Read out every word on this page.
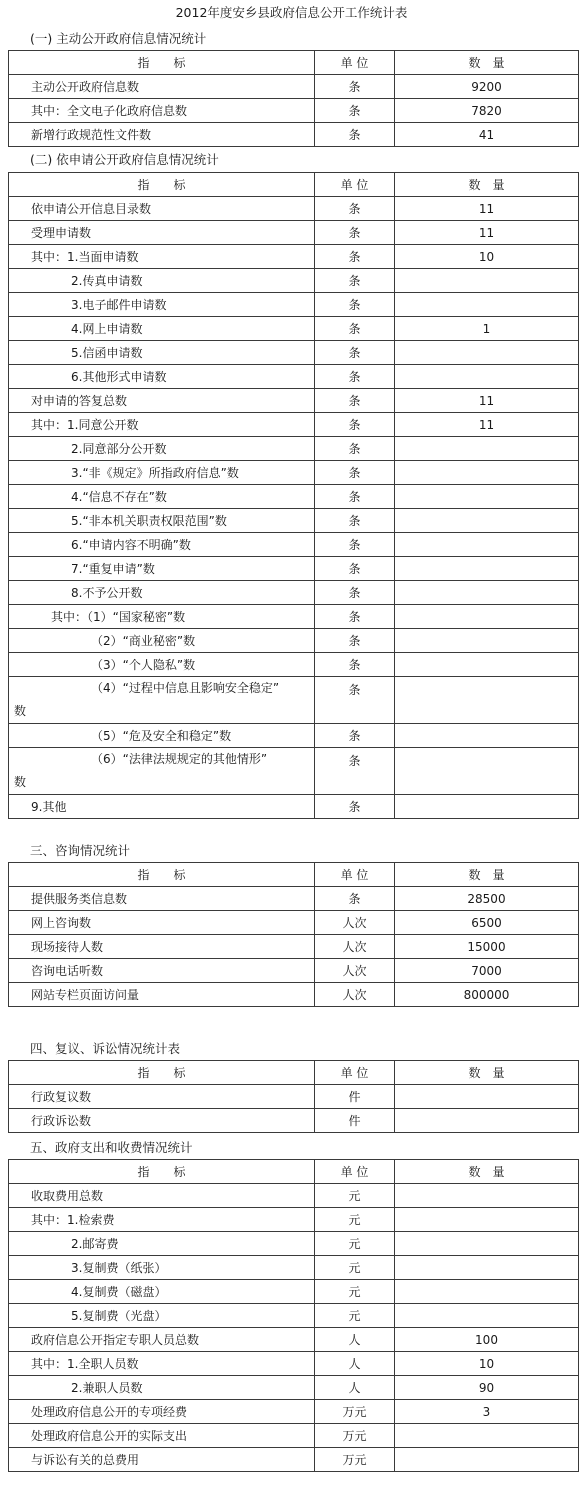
2012年度安乡县政府信息公开工作统计表
(一) 主动公开政府信息情况统计
指　　标	单 位	数　量
主动公开政府信息数	条	9200
其中：全文电子化政府信息数	条	7820
新增行政规范性文件数	条	41
(二) 依申请公开政府信息情况统计
指　　标	单 位	数　量
依申请公开信息目录数	条	11
受理申请数	条	11
其中：1.当面申请数	条	10
2.传真申请数	条	
3.电子邮件申请数	条	
4.网上申请数	条	1
5.信函申请数	条	
6.其他形式申请数	条	
对申请的答复总数	条	11
其中：1.同意公开数	条	11
2.同意部分公开数	条	
3.“非《规定》所指政府信息”数	条	
4.“信息不存在”数	条	
5.“非本机关职责权限范围”数	条	
6.“申请内容不明确”数	条	
7.“重复申请”数	条	
8.不予公开数	条	
其中：（1）“国家秘密”数	条	
（2）“商业秘密”数	条	
（3）“个人隐私”数	条	

（4）“过程中信息且影响安全稳定”
数	条	
（5）“危及安全和稳定”数	条	

（6）“法律法规规定的其他情形”
数	条	
9.其他	条	
三、咨询情况统计
指　　标	单 位	数　量
提供服务类信息数	条	28500
网上咨询数	人次	6500
现场接待人数	人次	15000
咨询电话听数	人次	7000
网站专栏页面访问量	人次	800000
四、复议、诉讼情况统计表
指　　标	单 位	数　量
行政复议数	件	
行政诉讼数	件	
五、政府支出和收费情况统计
指　　标	单 位	数　量
收取费用总数	元	
其中：1.检索费	元	
2.邮寄费	元	
3.复制费（纸张）	元	
4.复制费（磁盘）	元	
5.复制费（光盘）	元	
政府信息公开指定专职人员总数	人	100
其中：1.全职人员数	人	10
2.兼职人员数	人	90
处理政府信息公开的专项经费	万元	3
处理政府信息公开的实际支出	万元	
与诉讼有关的总费用	万元	
